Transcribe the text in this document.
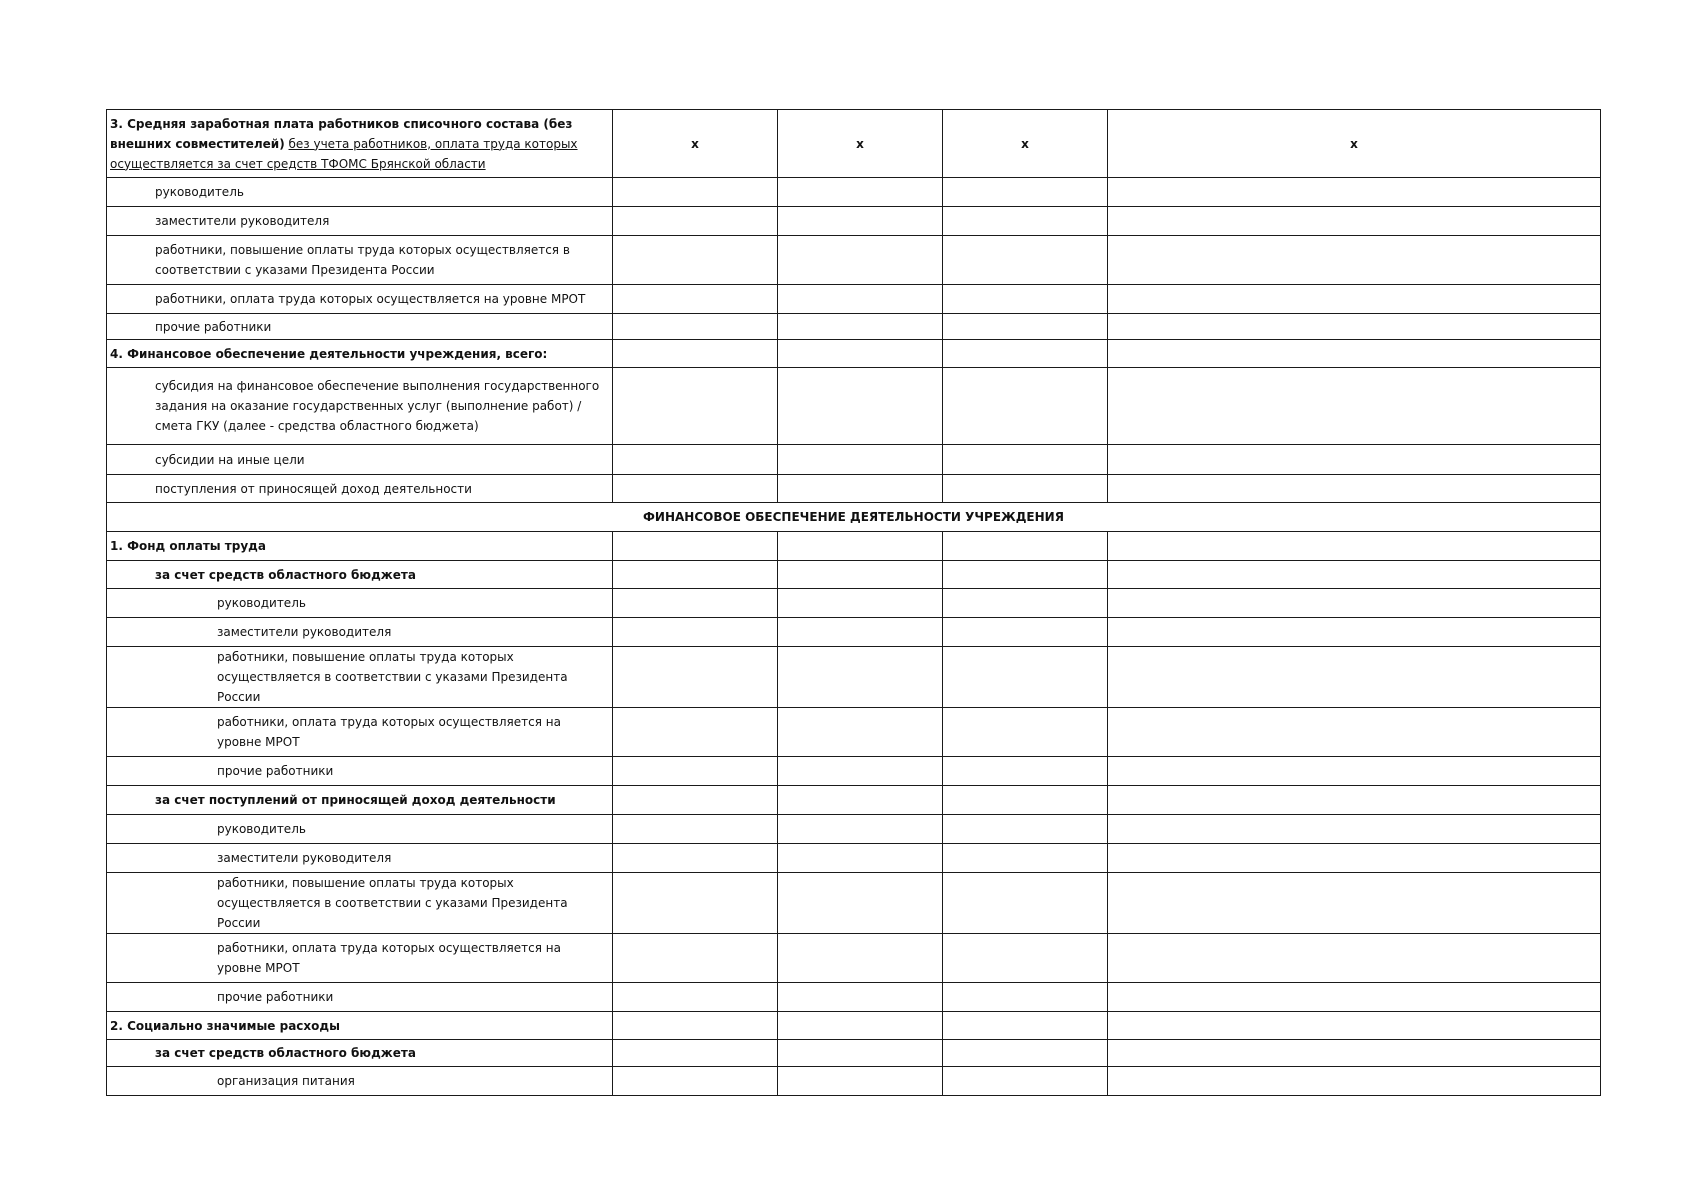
3. Средняя заработная плата работников списочного состава (без внешних совместителей) без учета работников, оплата труда которых осуществляется за счет средств ТФОМС Брянской области	x	x	x	x
руководитель				
заместители руководителя				
работники, повышение оплаты труда которых осуществляется в соответствии с указами Президента России				
работники, оплата труда которых осуществляется на уровне МРОТ				
прочие работники				
4. Финансовое обеспечение деятельности учреждения, всего:				
субсидия на финансовое обеспечение выполнения государственного задания на оказание государственных услуг (выполнение работ) / смета ГКУ (далее - средства областного бюджета)				
субсидии на иные цели				
поступления от приносящей доход деятельности				
ФИНАНСОВОЕ ОБЕСПЕЧЕНИЕ ДЕЯТЕЛЬНОСТИ УЧРЕЖДЕНИЯ				
1. Фонд оплаты труда				
за счет средств областного бюджета				
руководитель				
заместители руководителя				
работники, повышение оплаты труда которых осуществляется в соответствии с указами Президента России				
работники, оплата труда которых осуществляется на уровне МРОТ				
прочие работники				
за счет поступлений от приносящей доход деятельности				
руководитель				
заместители руководителя				
работники, повышение оплаты труда которых осуществляется в соответствии с указами Президента России				
работники, оплата труда которых осуществляется на уровне МРОТ				
прочие работники				
2. Социально значимые расходы				
за счет средств областного бюджета				
организация питания				
